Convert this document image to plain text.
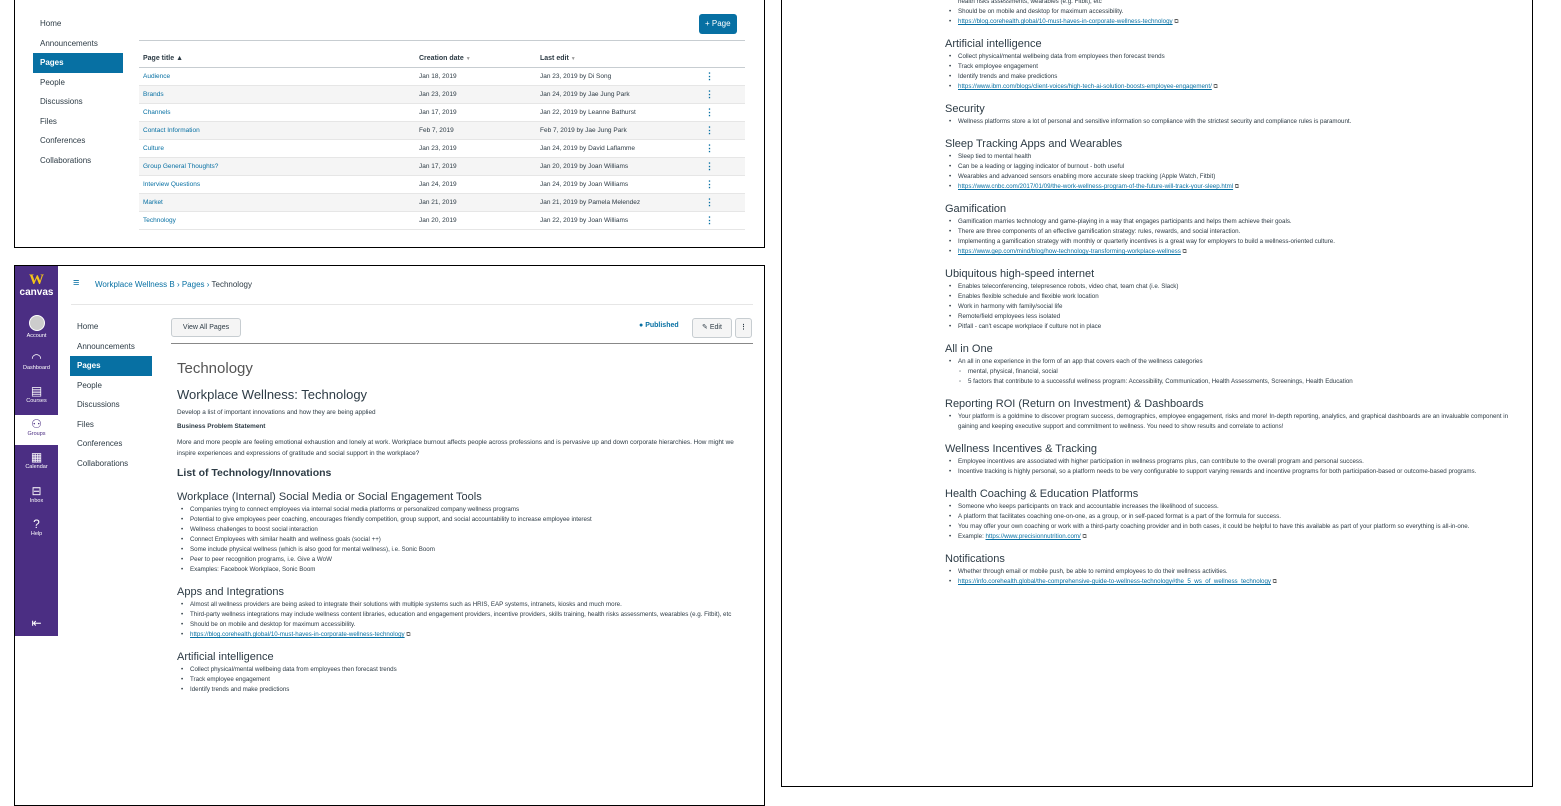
Home
Announcements
Pages
People
Discussions
Files
Conferences
Collaborations
+ Page
Page title ▲	Creation date ▼	Last edit ▼	
Audience	Jan 18, 2019	Jan 23, 2019 by Di Song	⋮
Brands	Jan 23, 2019	Jan 24, 2019 by Jae Jung Park	⋮
Channels	Jan 17, 2019	Jan 22, 2019 by Leanne Bathurst	⋮
Contact Information	Feb 7, 2019	Feb 7, 2019 by Jae Jung Park	⋮
Culture	Jan 23, 2019	Jan 24, 2019 by David Laflamme	⋮
Group General Thoughts?	Jan 17, 2019	Jan 20, 2019 by Joan Williams	⋮
Interview Questions	Jan 24, 2019	Jan 24, 2019 by Joan Williams	⋮
Market	Jan 21, 2019	Jan 21, 2019 by Pamela Melendez	⋮
Technology	Jan 20, 2019	Jan 22, 2019 by Joan Williams	⋮
W
canvas

Account
◠
Dashboard
▤
Courses
⚇
Groups
▦
Calendar
⊟
Inbox
?
Help
⇤
≡	Workplace Wellness B › Pages › Technology
Home
Announcements
Pages
People
Discussions
Files
Conferences
Collaborations
View All Pages	● Published	✎ Edit	⋮
Technology
Workplace Wellness: Technology

Develop a list of important innovations and how they are being applied

Business Problem Statement

More and more people are feeling emotional exhaustion and lonely at work. Workplace burnout affects people across professions and is pervasive up and down corporate hierarchies. How might we inspire experiences and expressions of gratitude and social support in the workplace?

List of Technology/Innovations
Workplace (Internal) Social Media or Social Engagement Tools
• Companies trying to connect employees via internal social media platforms or personalized company wellness programs
• Potential to give employees peer coaching, encourages friendly competition, group support, and social accountability to increase employee interest
• Wellness challenges to boost social interaction
• Connect Employees with similar health and wellness goals (social ++)
• Some include physical wellness (which is also good for mental wellness), i.e. Sonic Boom
• Peer to peer recognition programs, i.e. Give a WoW
• Examples: Facebook Workplace, Sonic Boom
Apps and Integrations
• Almost all wellness providers are being asked to integrate their solutions with multiple systems such as HRIS, EAP systems, intranets, kiosks and much more.
• Third-party wellness integrations may include wellness content libraries, education and engagement providers, incentive providers, skills training, health risks assessments, wearables (e.g. Fitbit), etc
• Should be on mobile and desktop for maximum accessibility.
• https://blog.corehealth.global/10-must-haves-in-corporate-wellness-technology ⧉
Artificial intelligence
• Collect physical/mental wellbeing data from employees then forecast trends
• Track employee engagement
• Identify trends and make predictions
health risks assessments, wearables (e.g. Fitbit), etc
• Should be on mobile and desktop for maximum accessibility.
• https://blog.corehealth.global/10-must-haves-in-corporate-wellness-technology ⧉
Artificial intelligence
• Collect physical/mental wellbeing data from employees then forecast trends
• Track employee engagement
• Identify trends and make predictions
• https://www.ibm.com/blogs/client-voices/high-tech-ai-solution-boosts-employee-engagement/ ⧉
Security
• Wellness platforms store a lot of personal and sensitive information so compliance with the strictest security and compliance rules is paramount.
Sleep Tracking Apps and Wearables
• Sleep tied to mental health
• Can be a leading or lagging indicator of burnout - both useful
• Wearables and advanced sensors enabling more accurate sleep tracking (Apple Watch, Fitbit)
• https://www.cnbc.com/2017/01/09/the-work-wellness-program-of-the-future-will-track-your-sleep.html ⧉
Gamification
• Gamification marries technology and game-playing in a way that engages participants and helps them achieve their goals.
• There are three components of an effective gamification strategy: rules, rewards, and social interaction.
• Implementing a gamification strategy with monthly or quarterly incentives is a great way for employers to build a wellness-oriented culture.
• https://www.gep.com/mind/blog/how-technology-transforming-workplace-wellness ⧉
Ubiquitous high-speed internet
• Enables teleconferencing, telepresence robots, video chat, team chat (i.e. Slack)
• Enables flexible schedule and flexible work location
• Work in harmony with family/social life
• Remote/field employees less isolated
• Pitfall - can't escape workplace if culture not in place
All in One
• An all in one experience in the form of an app that covers each of the wellness categories
◦ mental, physical, financial, social
◦ 5 factors that contribute to a successful wellness program: Accessibility, Communication, Health Assessments, Screenings, Health Education
Reporting ROI (Return on Investment) & Dashboards
• Your platform is a goldmine to discover program success, demographics, employee engagement, risks and more! In-depth reporting, analytics, and graphical dashboards are an invaluable component in gaining and keeping executive support and commitment to wellness. You need to show results and correlate to actions!
Wellness Incentives & Tracking
• Employee incentives are associated with higher participation in wellness programs plus, can contribute to the overall program and personal success.
• Incentive tracking is highly personal, so a platform needs to be very configurable to support varying rewards and incentive programs for both participation-based or outcome-based programs.
Health Coaching & Education Platforms
• Someone who keeps participants on track and accountable increases the likelihood of success.
• A platform that facilitates coaching one-on-one, as a group, or in self-paced format is a part of the formula for success.
• You may offer your own coaching or work with a third-party coaching provider and in both cases, it could be helpful to have this available as part of your platform so everything is all-in-one.
• Example: https://www.precisionnutrition.com/ ⧉
Notifications
• Whether through email or mobile push, be able to remind employees to do their wellness activities.
• https://info.corehealth.global/the-comprehensive-guide-to-wellness-technology#the_5_ws_of_wellness_technology ⧉
